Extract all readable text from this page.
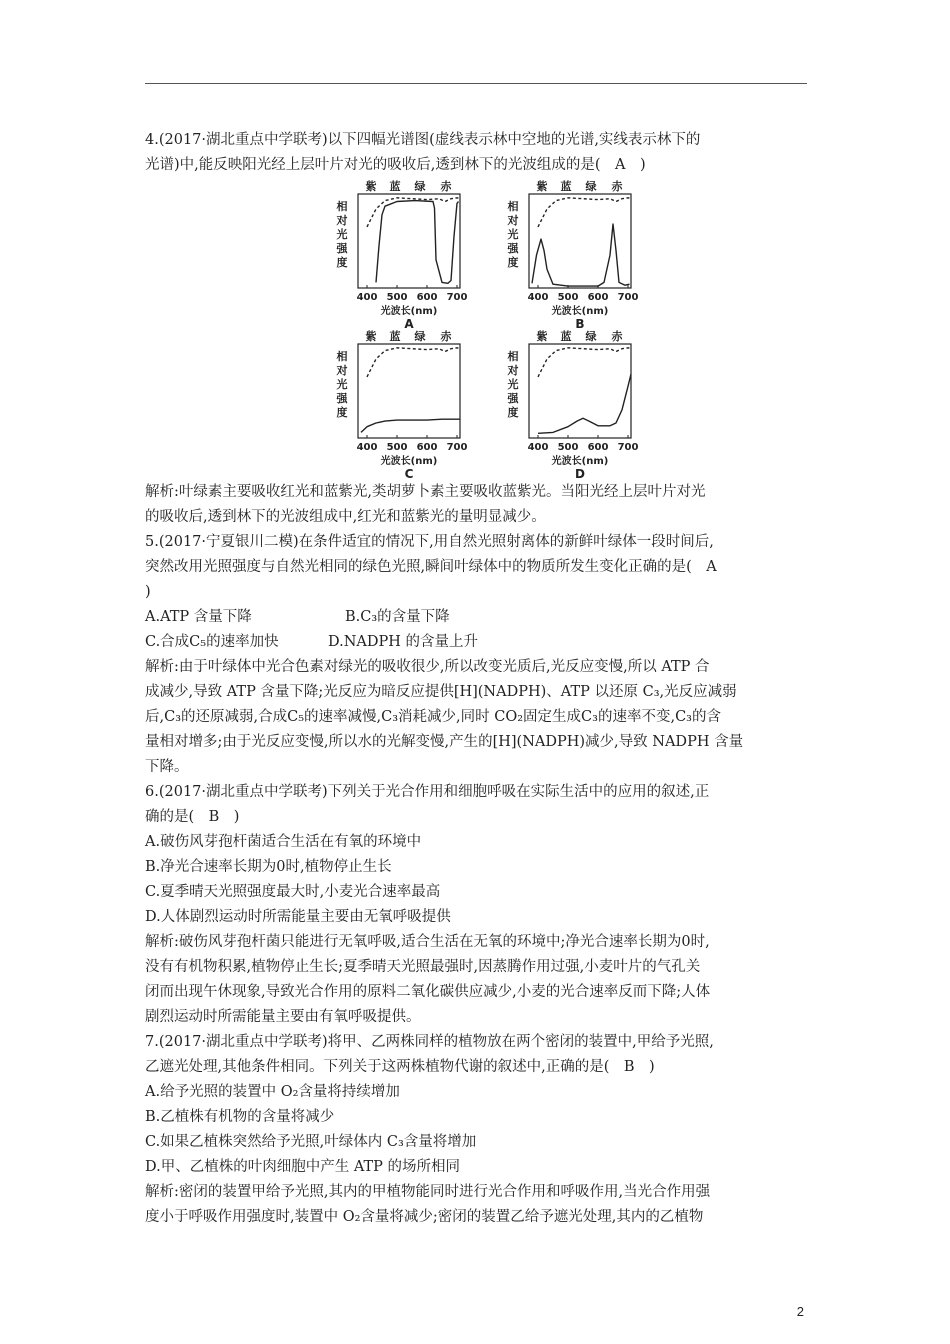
4.(2017·湖北重点中学联考)以下四幅光谱图(虚线表示林中空地的光谱,实线表示林下的
光谱)中,能反映阳光经上层叶片对光的吸收后,透到林下的光波组成的是(　A　)
紫 蓝 绿 赤
相
对
光
强
度
400 500 600 700
光波长(nm)
A
紫 蓝 绿 赤
相
对
光
强
度
400 500 600 700
光波长(nm)
B
紫 蓝 绿 赤
相
对
光
强
度
400 500 600 700
光波长(nm)
C
紫 蓝 绿 赤
相
对
光
强
度
400 500 600 700
光波长(nm)
D
解析:叶绿素主要吸收红光和蓝紫光,类胡萝卜素主要吸收蓝紫光。当阳光经上层叶片对光
的吸收后,透到林下的光波组成中,红光和蓝紫光的量明显减少。
5.(2017·宁夏银川二模)在条件适宜的情况下,用自然光照射离体的新鲜叶绿体一段时间后,
突然改用光照强度与自然光相同的绿色光照,瞬间叶绿体中的物质所发生变化正确的是(　A
)
A.ATP 含量下降	B.C₃的含量下降
C.合成C₅的速率加快	D.NADPH 的含量上升
解析:由于叶绿体中光合色素对绿光的吸收很少,所以改变光质后,光反应变慢,所以 ATP 合
成减少,导致 ATP 含量下降;光反应为暗反应提供[H](NADPH)、ATP 以还原 C₃,光反应减弱
后,C₃的还原减弱,合成C₅的速率减慢,C₃消耗减少,同时 CO₂固定生成C₃的速率不变,C₃的含
量相对增多;由于光反应变慢,所以水的光解变慢,产生的[H](NADPH)减少,导致 NADPH 含量
下降。
6.(2017·湖北重点中学联考)下列关于光合作用和细胞呼吸在实际生活中的应用的叙述,正
确的是(　B　)
A.破伤风芽孢杆菌适合生活在有氧的环境中
B.净光合速率长期为0时,植物停止生长
C.夏季晴天光照强度最大时,小麦光合速率最高
D.人体剧烈运动时所需能量主要由无氧呼吸提供
解析:破伤风芽孢杆菌只能进行无氧呼吸,适合生活在无氧的环境中;净光合速率长期为0时,
没有有机物积累,植物停止生长;夏季晴天光照最强时,因蒸腾作用过强,小麦叶片的气孔关
闭而出现午休现象,导致光合作用的原料二氧化碳供应减少,小麦的光合速率反而下降;人体
剧烈运动时所需能量主要由有氧呼吸提供。
7.(2017·湖北重点中学联考)将甲、乙两株同样的植物放在两个密闭的装置中,甲给予光照,
乙遮光处理,其他条件相同。下列关于这两株植物代谢的叙述中,正确的是(　B　)
A.给予光照的装置中 O₂含量将持续增加
B.乙植株有机物的含量将减少
C.如果乙植株突然给予光照,叶绿体内 C₃含量将增加
D.甲、乙植株的叶肉细胞中产生 ATP 的场所相同
解析:密闭的装置甲给予光照,其内的甲植物能同时进行光合作用和呼吸作用,当光合作用强
度小于呼吸作用强度时,装置中 O₂含量将减少;密闭的装置乙给予遮光处理,其内的乙植物
2
